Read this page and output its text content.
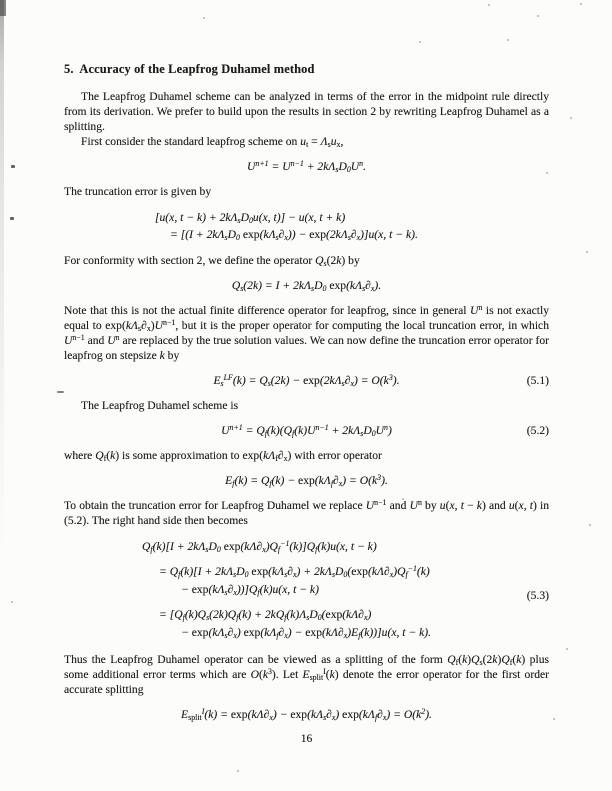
5.  Accuracy of the Leapfrog Duhamel method

The Leapfrog Duhamel scheme can be analyzed in terms of the error in the midpoint rule directly from its derivation. We prefer to build upon the results in section 2 by rewriting Leapfrog Duhamel as a splitting.

First consider the standard leapfrog scheme on $u_t = \Lambda_su_x$,

$U^{n+1} = U^{n-1} + 2k\Lambda_sD_0U^n$.

The truncation error is given by

[u(x, $t - k) + 2k\Lambda_sD_0u(x$, t)] − u(x, t + k)
= [($I + 2k\Lambda_sD_0$ $\exp(k\Lambda_s\partial_x)) - \exp(2k\Lambda_s\partial_x)]u(x$, t − k).

For conformity with section 2, we define the operator $Q_s(2k)$ by

$Q_s(2k) = I + 2k\Lambda_sD_0$ $\exp(k\Lambda_s\partial_x)$.

Note that this is not the actual finite difference operator for leapfrog, since in general $U^n$ is not exactly equal to $\exp(k\Lambda_s\partial_x)U^{n-1}$, but it is the proper operator for computing the local truncation error, in which $U^{n-1}$ and $U^n$ are replaced by the true solution values. We can now define the truncation error operator for leapfrog on stepsize k by

$E_s^{LF}(k) = Q_s(2k) - \exp(2k\Lambda_s\partial_x) = O(k^3)$.	(5.1)

The Leapfrog Duhamel scheme is

$U^{n+1} = Q_f(k)(Q_f(k)U^{n-1} + 2k\Lambda_sD_0U^n)$	(5.2)

where $Q_f(k)$ is some approximation to $\exp(k\Lambda_f\partial_x)$ with error operator

$E_f(k) = Q_f(k) - \exp(k\Lambda_f\partial_x) = O(k^3)$.

To obtain the truncation error for Leapfrog Duhamel we replace $U^{n-1}$ and $U^n$ by u(x, t − k) and u(x, t) in (5.2). The right hand side then becomes

$Q_f(k)[I + 2k\Lambda_sD_0$ $\exp(k\Lambda\partial_x)Q_f^{-1}(k)]Q_f(k)u(x$, t − k)
= $Q_f(k)[I + 2k\Lambda_sD_0$ $\exp(k\Lambda_s\partial_x) + 2k\Lambda_sD_0(\exp(k\Lambda\partial_x)Q_f^{-1}(k)$
− $\exp(k\Lambda_s\partial_x))]Q_f(k)u(x$, t − k)
= [$Q_f(k)Q_s(2k)Q_f(k) + 2kQ_f(k)\Lambda_sD_0(\exp(k\Lambda\partial_x)$
− $\exp(k\Lambda_s\partial_x) \exp(k\Lambda_f\partial_x) - \exp(k\Lambda\partial_x)E_f(k))]u(x$, t − k).
(5.3)

Thus the Leapfrog Duhamel operator can be viewed as a splitting of the form $Q_f(k)Q_s(2k)Q_f(k)$ plus some additional error terms which are $O(k^3)$. Let $E_{split}^I(k)$ denote the error operator for the first order accurate splitting

$E_{split}^I(k) = \exp(k\Lambda\partial_x) - \exp(k\Lambda_s\partial_x) \exp(k\Lambda_f\partial_x) = O(k^2)$.
16
